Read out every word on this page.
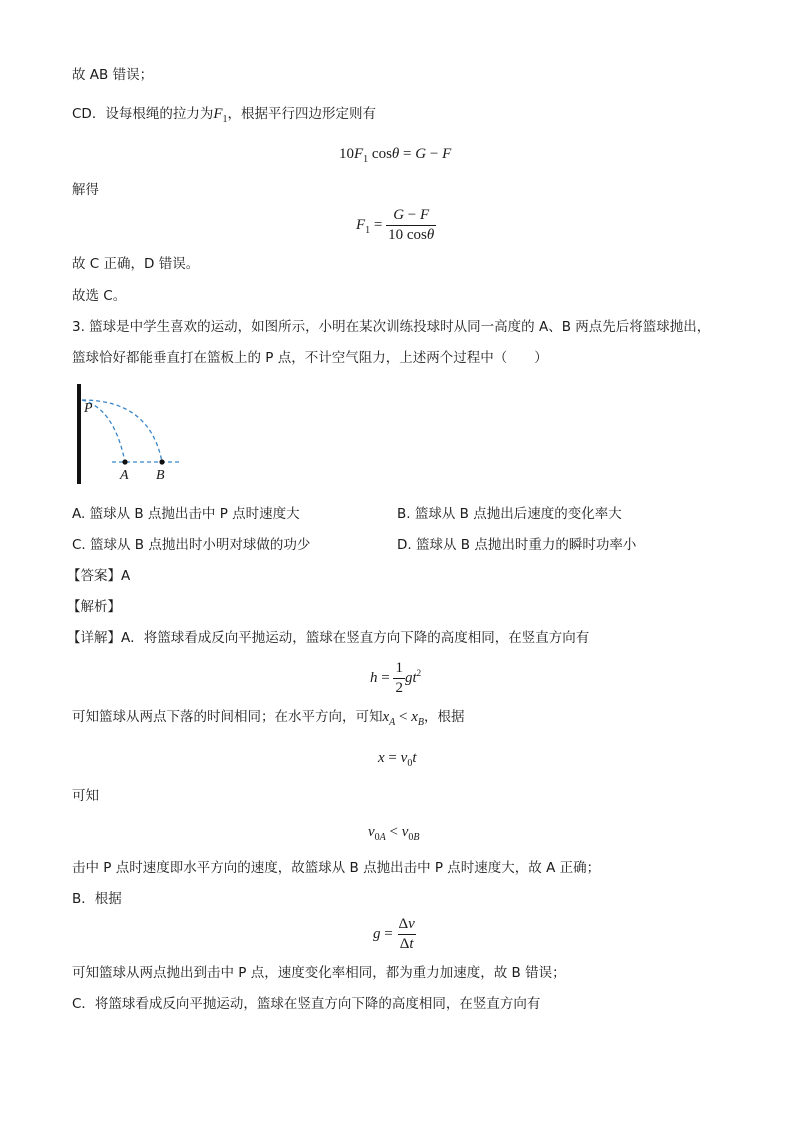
故 AB 错误；
CD．设每根绳的拉力为$F_1$，根据平行四边形定则有
$10F_1$ cosθ = G − F
解得
$F_1 = \frac{G - F}{10 \cos\theta}$
故 C 正确，D 错误。
故选 C。
3. 篮球是中学生喜欢的运动，如图所示，小明在某次训练投球时从同一高度的 A、B 两点先后将篮球抛出，
篮球恰好都能垂直打在篮板上的 P 点，不计空气阻力，上述两个过程中（　　）
P
A B
A. 篮球从 B 点抛出击中 P 点时速度大	B. 篮球从 B 点抛出后速度的变化率大
C. 篮球从 B 点抛出时小明对球做的功少	D. 篮球从 B 点抛出时重力的瞬时功率小
【答案】A
【解析】
【详解】A．将篮球看成反向平抛运动，篮球在竖直方向下降的高度相同，在竖直方向有
$h = \frac{1}{2} gt^2$
可知篮球从两点下落的时间相同；在水平方向，可知$x_A < x_B$，根据
$x = v_0t$
可知
$v_{0A} < v_{0B}$
击中 P 点时速度即水平方向的速度，故篮球从 B 点抛出击中 P 点时速度大，故 A 正确；
B．根据
$g = \frac{\Delta v}{\Delta t}$
可知篮球从两点抛出到击中 P 点，速度变化率相同，都为重力加速度，故 B 错误；
C．将篮球看成反向平抛运动，篮球在竖直方向下降的高度相同，在竖直方向有
